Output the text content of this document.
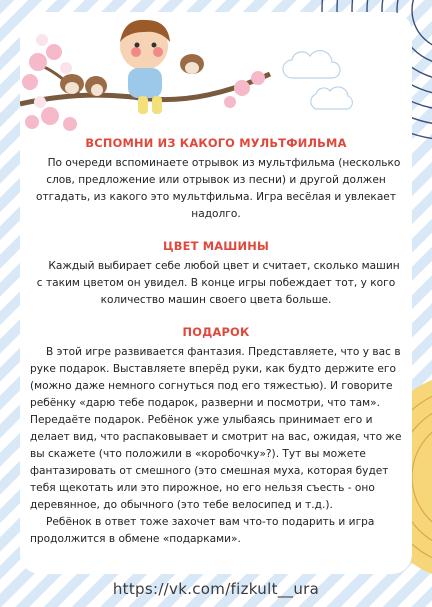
ВСПОМНИ ИЗ КАКОГО МУЛЬТФИЛЬМА

По очереди вспоминаете отрывок из мультфильма (несколько слов, предложение или отрывок из песни) и другой должен отгадать, из какого это мультфильма. Игра весёлая и увлекает надолго.

ЦВЕТ МАШИНЫ

Каждый выбирает себе любой цвет и считает, сколько машин с таким цветом он увидел. В конце игры побеждает тот, у кого количество машин своего цвета больше.

ПОДАРОК

В этой игре развивается фантазия. Представляете, что у вас в руке подарок. Выставляете вперёд руки, как будто держите его (можно даже немного согнуться под его тяжестью). И говорите ребёнку «дарю тебе подарок, разверни и посмотри, что там». Передаёте подарок. Ребёнок уже улыбаясь принимает его и делает вид, что распаковывает и смотрит на вас, ожидая, что же вы скажете (что положили в «коробочку»?). Тут вы можете фантазировать от смешного (это смешная муха, которая будет тебя щекотать или это пирожное, но его нельзя съесть - оно деревянное, до обычного (это тебе велосипед и т.д.).

Ребёнок в ответ тоже захочет вам что-то подарить и игра продолжится в обмене «подарками».

https://vk.com/fizkult__ura
